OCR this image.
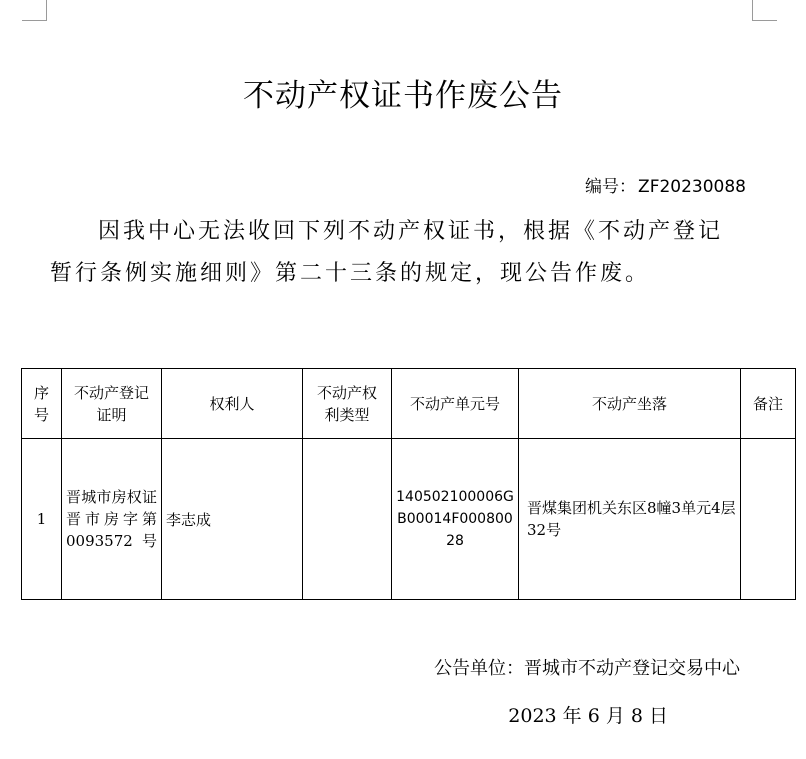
不动产权证书作废公告
编号： ZF20230088

因我中心无法收回下列不动产权证书，根据《不动产登记

暂行条例实施细则》第二十三条的规定，现公告作废。

序号	不动产登记证明	权利人	不动产权利类型	不动产单元号	不动产坐落	备注
1	晋城市房权证晋市房字第0093572号	李志成		140502100006GB00014F00080028	晋煤集团机关东区8幢3单元4层32号	

公告单位：晋城市不动产登记交易中心
2023 年 6 月 8 日
